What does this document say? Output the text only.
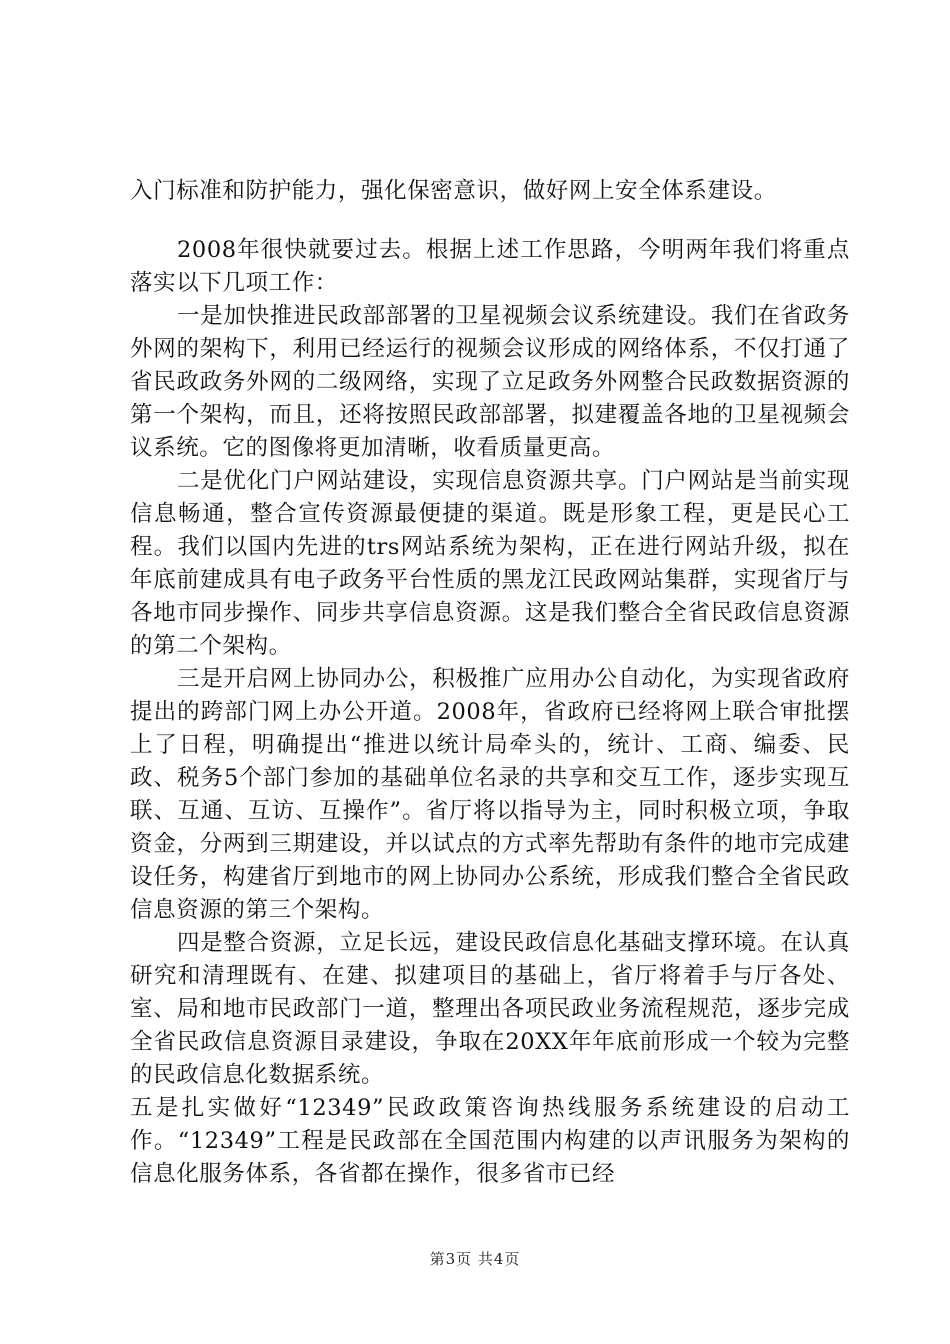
入门标准和防护能力，强化保密意识，做好网上安全体系建设。

2008年很快就要过去。根据上述工作思路，今明两年我们将重点落实以下几项工作：

一是加快推进民政部部署的卫星视频会议系统建设。我们在省政务外网的架构下，利用已经运行的视频会议形成的网络体系，不仅打通了省民政政务外网的二级网络，实现了立足政务外网整合民政数据资源的第一个架构，而且，还将按照民政部部署，拟建覆盖各地的卫星视频会议系统。它的图像将更加清晰，收看质量更高。

二是优化门户网站建设，实现信息资源共享。门户网站是当前实现信息畅通，整合宣传资源最便捷的渠道。既是形象工程，更是民心工程。我们以国内先进的trs网站系统为架构，正在进行网站升级，拟在年底前建成具有电子政务平台性质的黑龙江民政网站集群，实现省厅与各地市同步操作、同步共享信息资源。这是我们整合全省民政信息资源的第二个架构。

三是开启网上协同办公，积极推广应用办公自动化，为实现省政府提出的跨部门网上办公开道。2008年，省政府已经将网上联合审批摆上了日程，明确提出“推进以统计局牵头的，统计、工商、编委、民政、税务5个部门参加的基础单位名录的共享和交互工作，逐步实现互联、互通、互访、互操作”。省厅将以指导为主，同时积极立项，争取资金，分两到三期建设，并以试点的方式率先帮助有条件的地市完成建设任务，构建省厅到地市的网上协同办公系统，形成我们整合全省民政信息资源的第三个架构。

四是整合资源，立足长远，建设民政信息化基础支撑环境。在认真研究和清理既有、在建、拟建项目的基础上，省厅将着手与厅各处、室、局和地市民政部门一道，整理出各项民政业务流程规范，逐步完成全省民政信息资源目录建设，争取在20XX年年底前形成一个较为完整的民政信息化数据系统。

五是扎实做好“12349”民政政策咨询热线服务系统建设的启动工作。“12349”工程是民政部在全国范围内构建的以声讯服务为架构的信息化服务体系，各省都在操作，很多省市已经

第3页 共4页
